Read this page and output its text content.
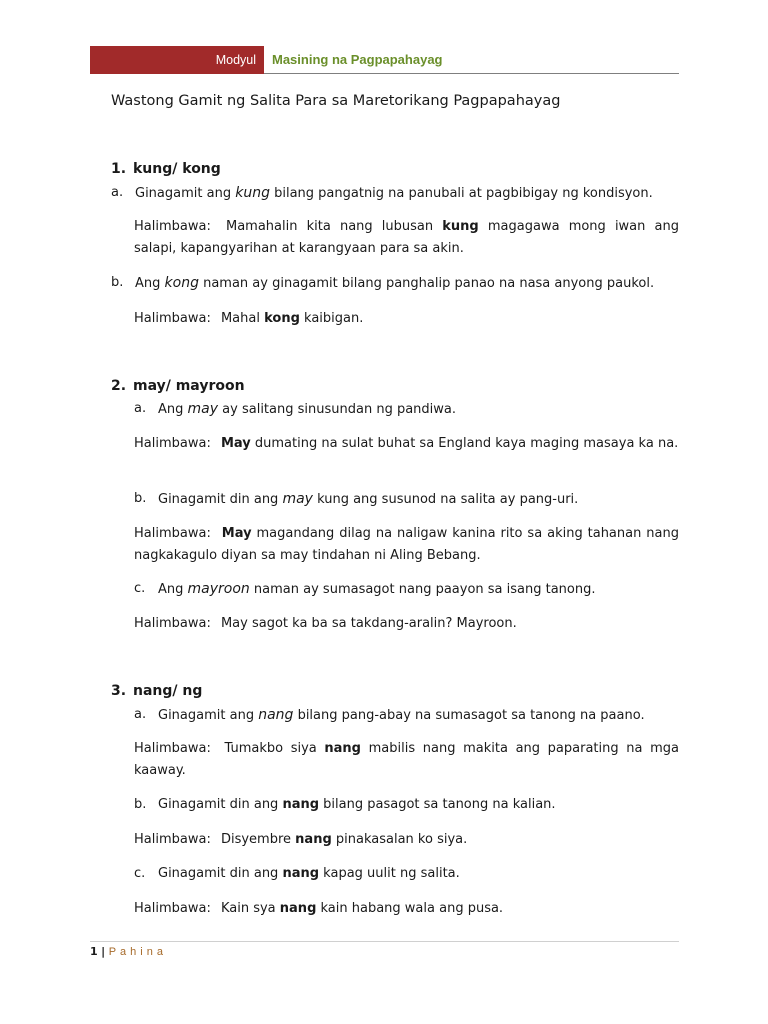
Modyul Masining na Pagpapahayag
Wastong Gamit ng Salita Para sa Maretorikang Pagpapahayag
1. kung/ kong
a. Ginagamit ang kung bilang pangatnig na panubali at pagbibigay ng kondisyon.
Halimbawa: Mamahalin kita nang lubusan kung magagawa mong iwan ang salapi, kapangyarihan at karangyaan para sa akin.
b. Ang kong naman ay ginagamit bilang panghalip panao na nasa anyong paukol.
Halimbawa: Mahal kong kaibigan.
2. may/ mayroon
a. Ang may ay salitang sinusundan ng pandiwa.
Halimbawa: May dumating na sulat buhat sa England kaya maging masaya ka na.
b. Ginagamit din ang may kung ang susunod na salita ay pang-uri.
Halimbawa: May magandang dilag na naligaw kanina rito sa aking tahanan nang nagkakagulo diyan sa may tindahan ni Aling Bebang.
c. Ang mayroon naman ay sumasagot nang paayon sa isang tanong.
Halimbawa: May sagot ka ba sa takdang-aralin? Mayroon.
3. nang/ ng
a. Ginagamit ang nang bilang pang-abay na sumasagot sa tanong na paano.
Halimbawa: Tumakbo siya nang mabilis nang makita ang paparating na mga kaaway.
b. Ginagamit din ang nang bilang pasagot sa tanong na kalian.
Halimbawa: Disyembre nang pinakasalan ko siya.
c. Ginagamit din ang nang kapag uulit ng salita.
Halimbawa: Kain sya nang kain habang wala ang pusa.
1 | Pahina
